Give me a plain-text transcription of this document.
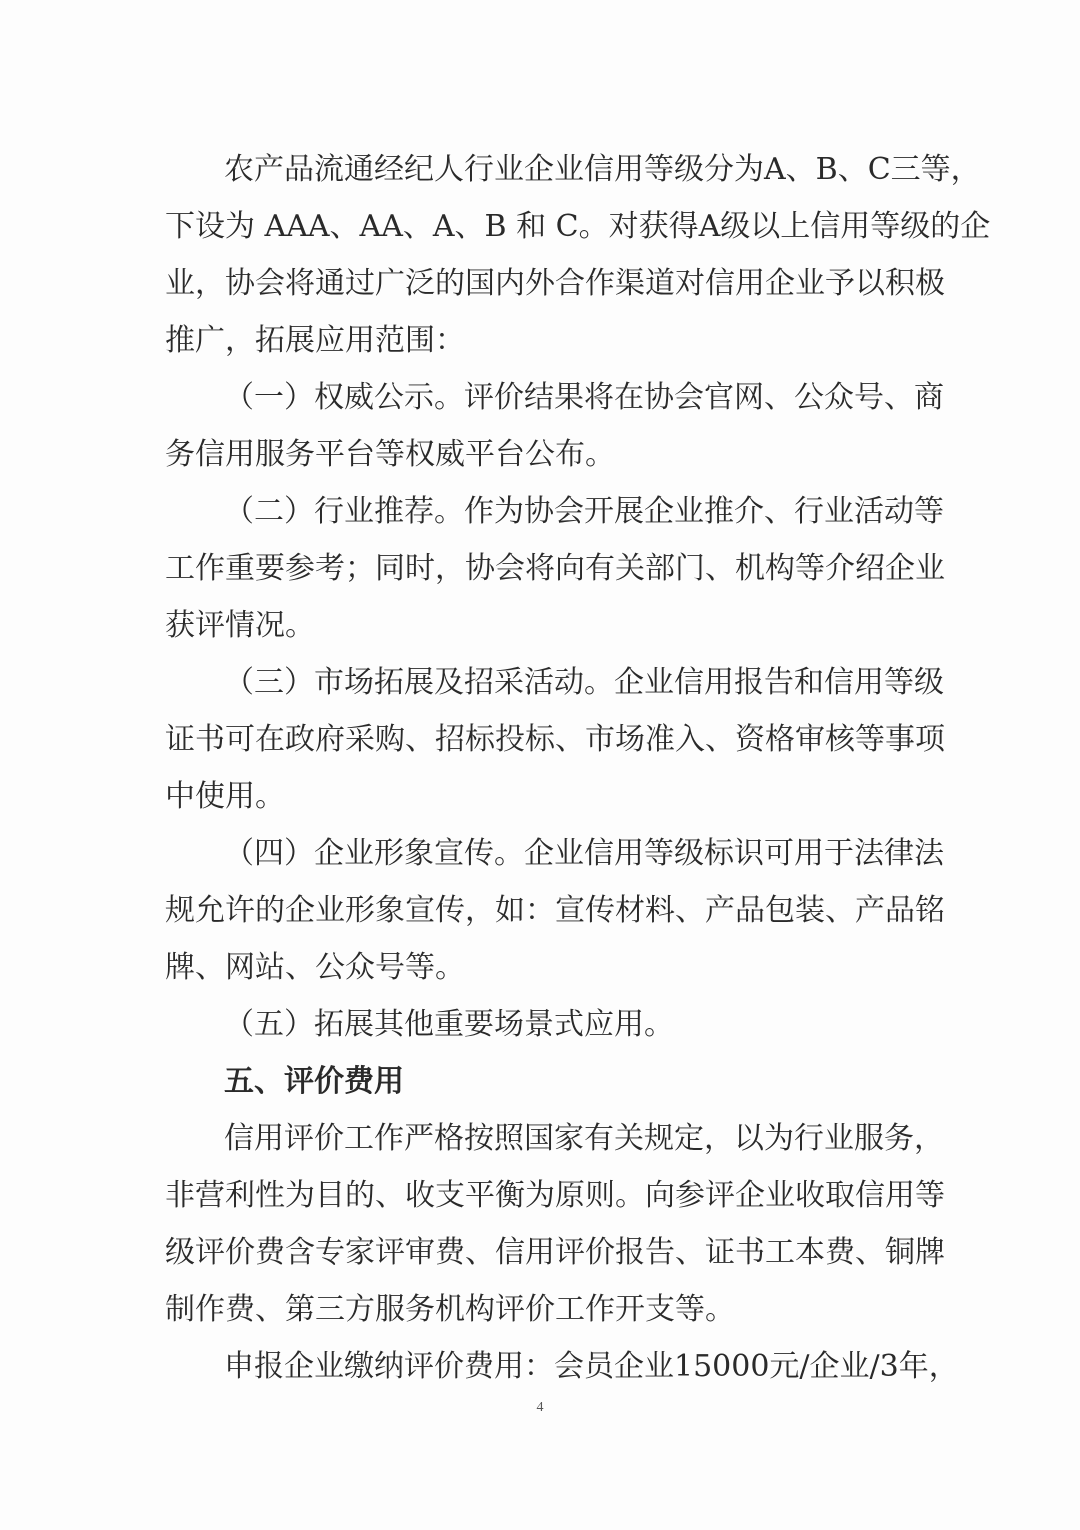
农产品流通经纪人行业企业信用等级分为A、B、C三等，
下设为 AAA、AA、A、B 和 C。对获得A级以上信用等级的企
业，协会将通过广泛的国内外合作渠道对信用企业予以积极
推广，拓展应用范围：
（一）权威公示。评价结果将在协会官网、公众号、商
务信用服务平台等权威平台公布。
（二）行业推荐。作为协会开展企业推介、行业活动等
工作重要参考；同时，协会将向有关部门、机构等介绍企业
获评情况。
（三）市场拓展及招采活动。企业信用报告和信用等级
证书可在政府采购、招标投标、市场准入、资格审核等事项
中使用。
（四）企业形象宣传。企业信用等级标识可用于法律法
规允许的企业形象宣传，如：宣传材料、产品包装、产品铭
牌、网站、公众号等。
（五）拓展其他重要场景式应用。
五、评价费用
信用评价工作严格按照国家有关规定，以为行业服务，
非营利性为目的、收支平衡为原则。向参评企业收取信用等
级评价费含专家评审费、信用评价报告、证书工本费、铜牌
制作费、第三方服务机构评价工作开支等。
申报企业缴纳评价费用：会员企业15000元/企业/3年，
4
